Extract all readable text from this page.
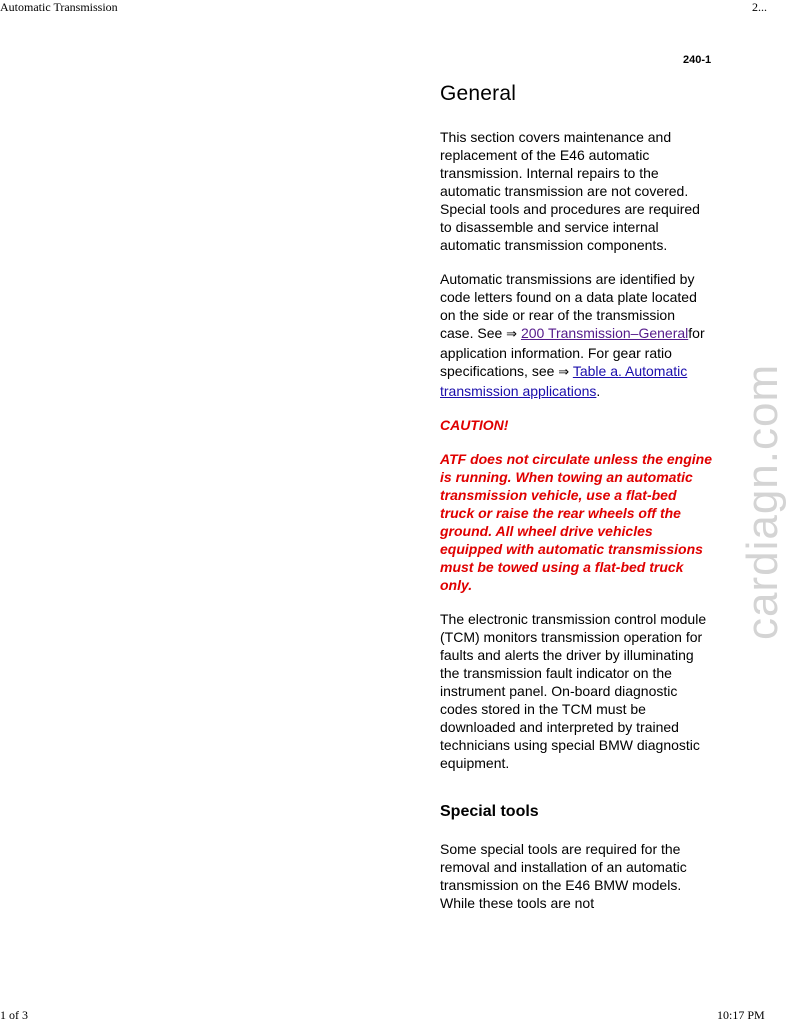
Automatic Transmission	2...
240-1
General

This section covers maintenance and replacement of the E46 automatic transmission. Internal repairs to the automatic transmission are not covered. Special tools and procedures are required to disassemble and service internal automatic transmission components.

Automatic transmissions are identified by code letters found on a data plate located on the side or rear of the transmission case. See ⇒ 200 Transmission–Generalfor application information. For gear ratio specifications, see ⇒ Table a. Automatic transmission applications.

CAUTION!

ATF does not circulate unless the engine is running. When towing an automatic transmission vehicle, use a flat-bed truck or raise the rear wheels off the ground. All wheel drive vehicles equipped with automatic transmissions must be towed using a flat-bed truck only.

The electronic transmission control module (TCM) monitors transmission operation for faults and alerts the driver by illuminating the transmission fault indicator on the instrument panel. On-board diagnostic codes stored in the TCM must be downloaded and interpreted by trained technicians using special BMW diagnostic equipment.

Special tools

Some special tools are required for the removal and installation of an automatic transmission on the E46 BMW models. While these tools are not

cardiagn.com
1 of 3	10:17 PM
